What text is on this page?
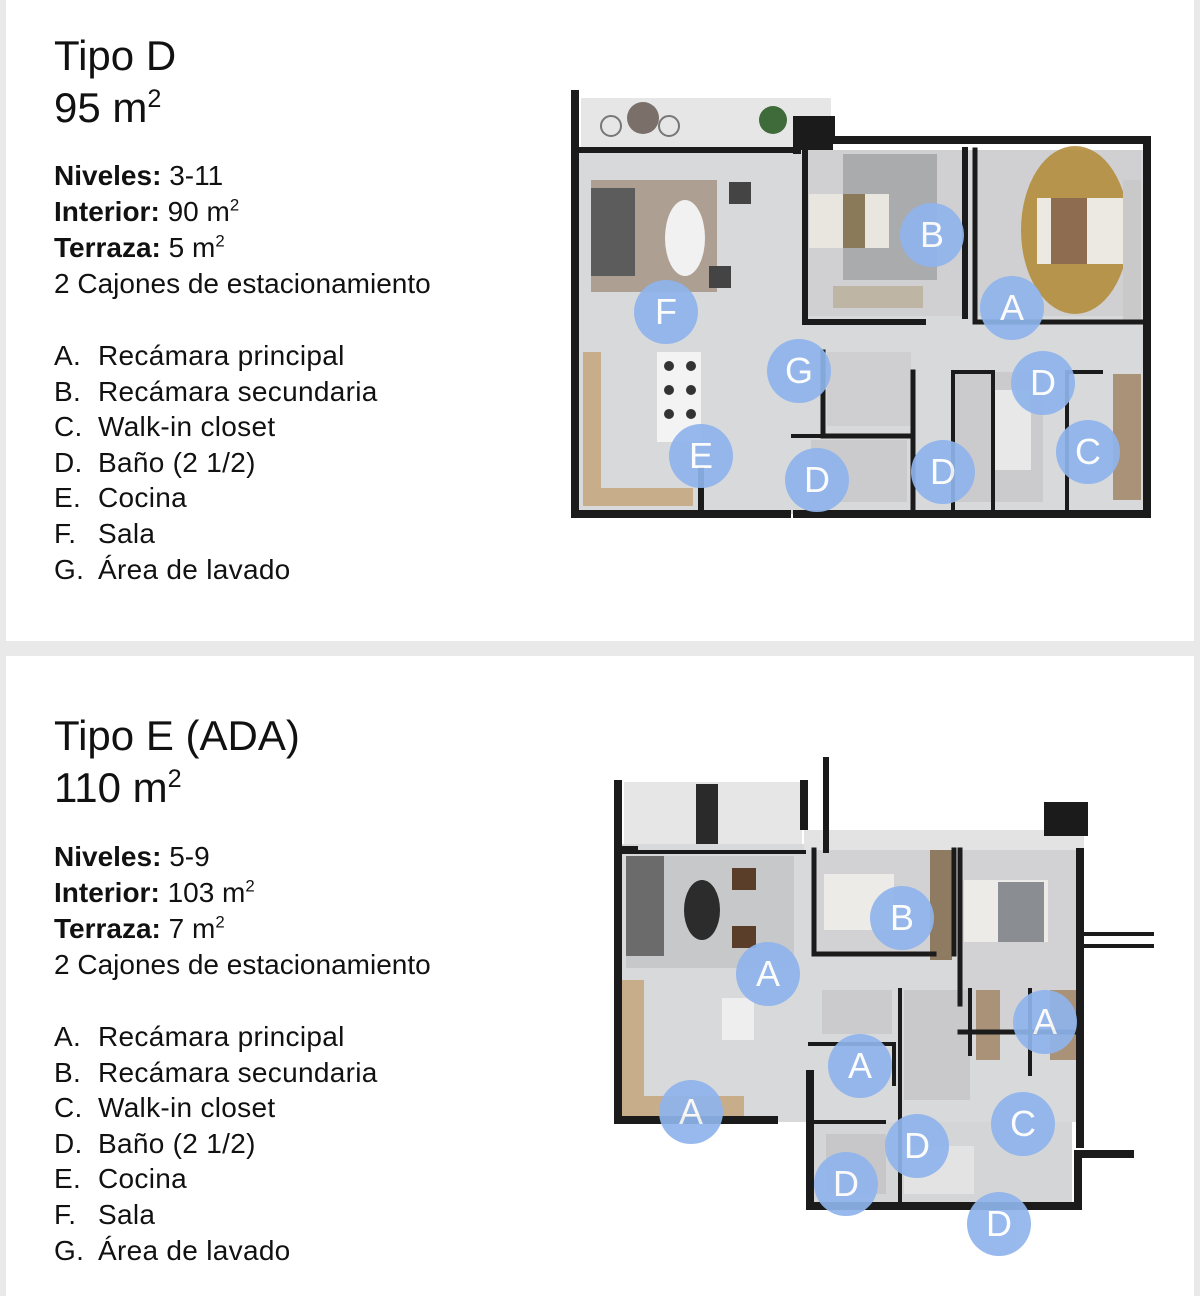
Tipo D
95 $m^2$
Niveles: 3-11
Interior: 90 $m^2$
Terraza: 5 $m^2$
2 Cajones de estacionamiento
A. Recámara principal
B. Recámara secundaria
C. Walk-in closet
D. Baño (2 1/2)
E. Cocina
F. Sala
G. Área de lavado
B
A
F
G	D
C
E
D	D
Tipo E (ADA)
110 $m^2$
Niveles: 5-9
Interior: 103 $m^2$
Terraza: 7 $m^2$
2 Cajones de estacionamiento
A. Recámara principal
B. Recámara secundaria
C. Walk-in closet
D. Baño (2 1/2)
E. Cocina
F. Sala
G. Área de lavado
B
A
A
A
A	C
D
D
D
